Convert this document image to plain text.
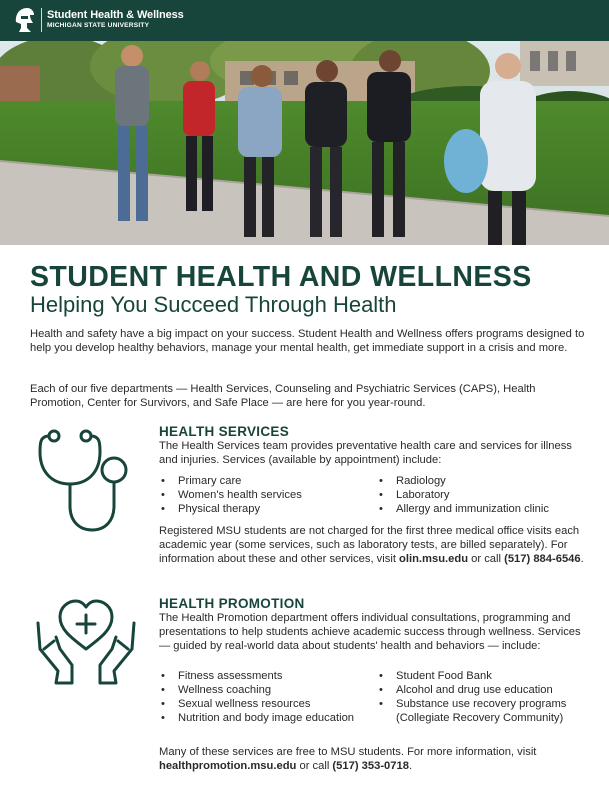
Student Health & Wellness
MICHIGAN STATE UNIVERSITY
STUDENT HEALTH AND WELLNESS
Helping You Succeed Through Health

Health and safety have a big impact on your success. Student Health and Wellness offers programs designed to help you develop healthy behaviors, manage your mental health, get immediate support in a crisis and more.

Each of our five departments — Health Services, Counseling and Psychiatric Services (CAPS), Health Promotion, Center for Survivors, and Safe Place — are here for you year-round.

HEALTH SERVICES
The Health Services team provides preventative health care and services for illness and injuries. Services (available by appointment) include:
• Primary care
• Women's health services
• Physical therapy
• Radiology
• Laboratory
• Allergy and immunization clinic

Registered MSU students are not charged for the first three medical office visits each academic year (some services, such as laboratory tests, are billed separately). For information about these and other services, visit olin.msu.edu or call (517) 884-6546.

HEALTH PROMOTION
The Health Promotion department offers individual consultations, programming and presentations to help students achieve academic success through wellness. Services — guided by real-world data about students' health and behaviors — include:
• Fitness assessments
• Wellness coaching
• Sexual wellness resources
• Nutrition and body image education
• Student Food Bank
• Alcohol and drug use education
• Substance use recovery programs (Collegiate Recovery Community)

Many of these services are free to MSU students. For more information, visit healthpromotion.msu.edu or call (517) 353-0718.
